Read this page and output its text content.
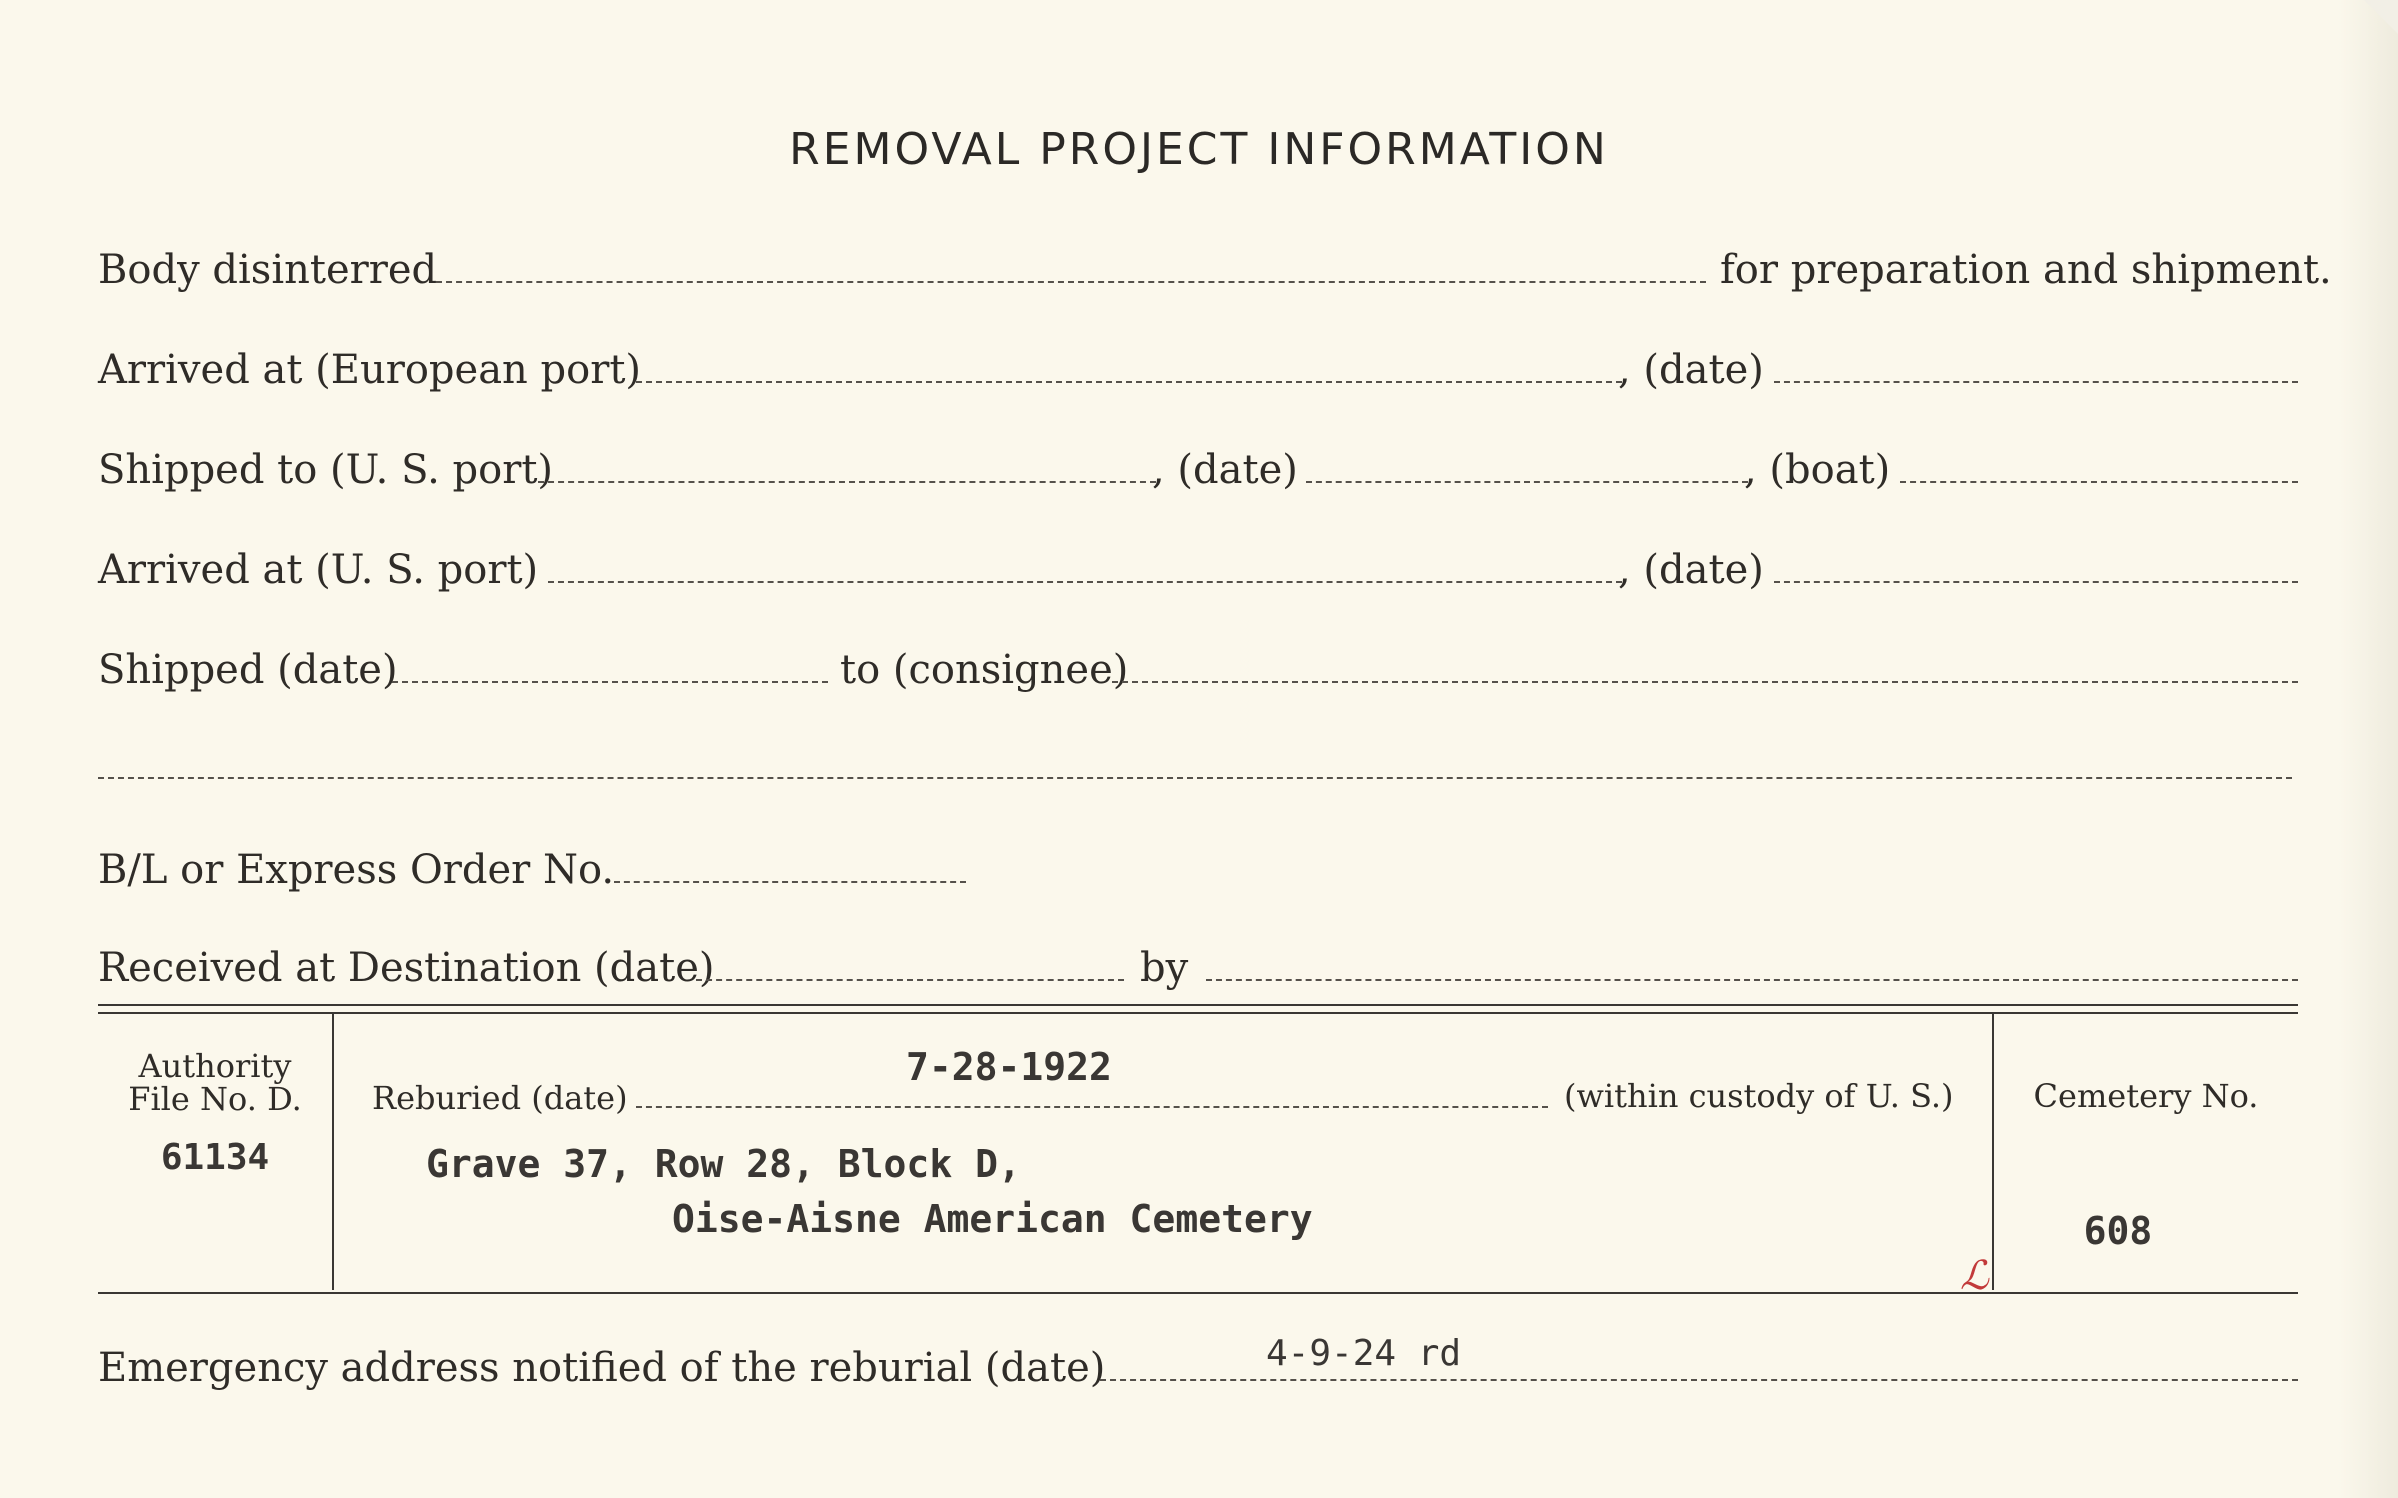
REMOVAL PROJECT INFORMATION
Body disinterred	for preparation and shipment.
Arrived at (European port)	, (date)
Shipped to (U. S. port)	, (date)	, (boat)
Arrived at (U. S. port)	, (date)
Shipped (date)	to (consignee)
B/L or Express Order No.
Received at Destination (date)	by
Authority
File No. D.
61134
7-28-1922
Reburied (date)	(within custody of U. S.)
Grave 37, Row 28, Block D,
Oise-Aisne American Cemetery
Cemetery No.
608
ℒ
Emergency address notified of the reburial (date)	4-9-24 rd
